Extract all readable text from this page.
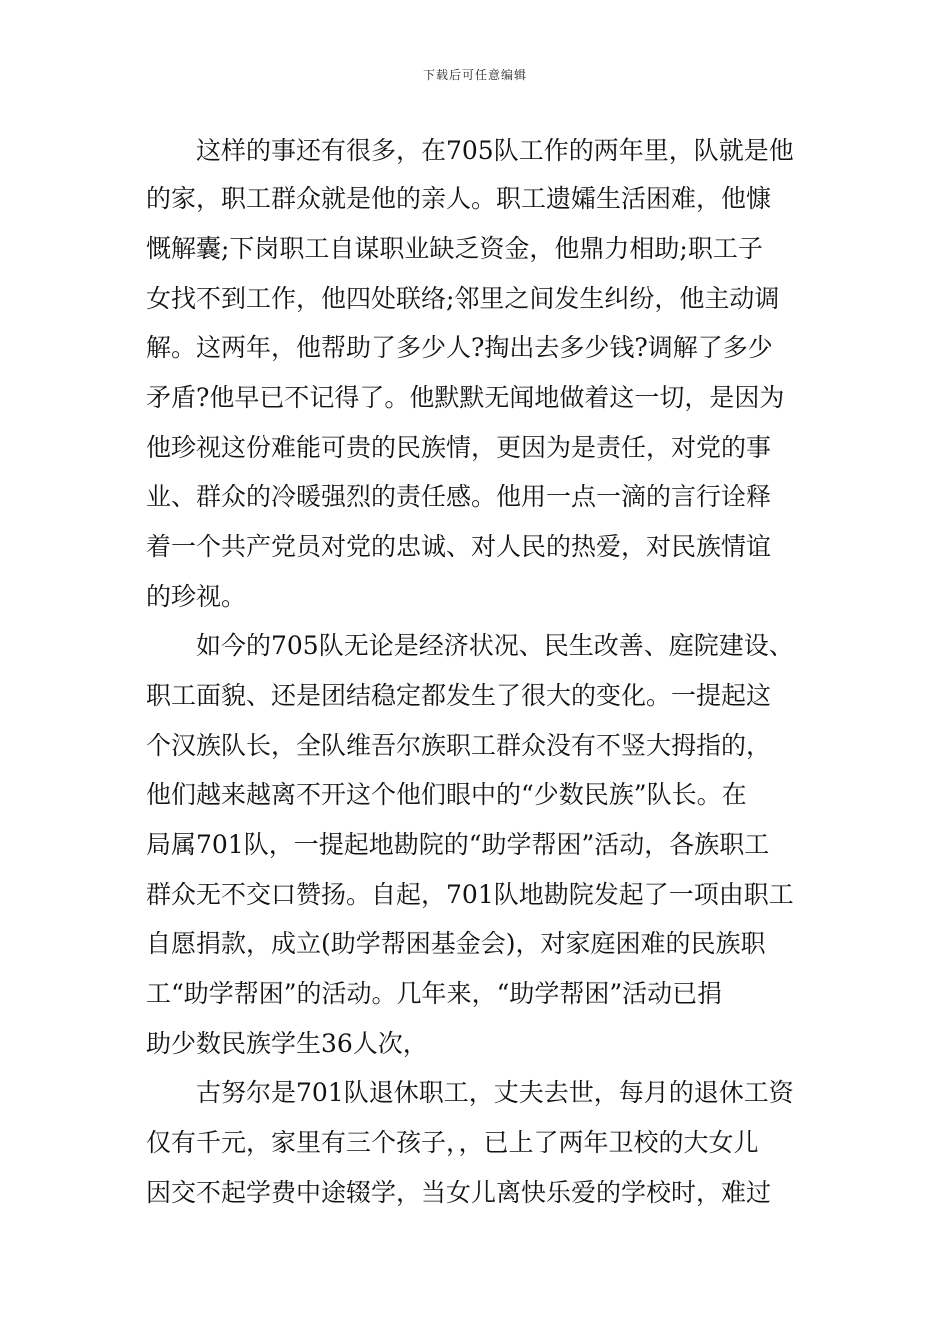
下载后可任意编辑
这样的事还有很多，在705队工作的两年里，队就是他
的家，职工群众就是他的亲人。职工遗孀生活困难，他慷
慨解囊;下岗职工自谋职业缺乏资金，他鼎力相助;职工子
女找不到工作，他四处联络;邻里之间发生纠纷，他主动调
解。这两年，他帮助了多少人?掏出去多少钱?调解了多少
矛盾?他早已不记得了。他默默无闻地做着这一切，是因为
他珍视这份难能可贵的民族情，更因为是责任，对党的事
业、群众的冷暖强烈的责任感。他用一点一滴的言行诠释
着一个共产党员对党的忠诚、对人民的热爱，对民族情谊
的珍视。
如今的705队无论是经济状况、民生改善、庭院建设、
职工面貌、还是团结稳定都发生了很大的变化。一提起这
个汉族队长，全队维吾尔族职工群众没有不竖大拇指的，
他们越来越离不开这个他们眼中的“少数民族”队长。在
局属701队，一提起地勘院的“助学帮困”活动，各族职工
群众无不交口赞扬。自起，701队地勘院发起了一项由职工
自愿捐款，成立(助学帮困基金会)，对家庭困难的民族职
工“助学帮困”的活动。几年来，“助学帮困”活动已捐
助少数民族学生36人次，
古努尔是701队退休职工，丈夫去世，每月的退休工资
仅有千元，家里有三个孩子，，已上了两年卫校的大女儿
因交不起学费中途辍学，当女儿离快乐爱的学校时，难过
